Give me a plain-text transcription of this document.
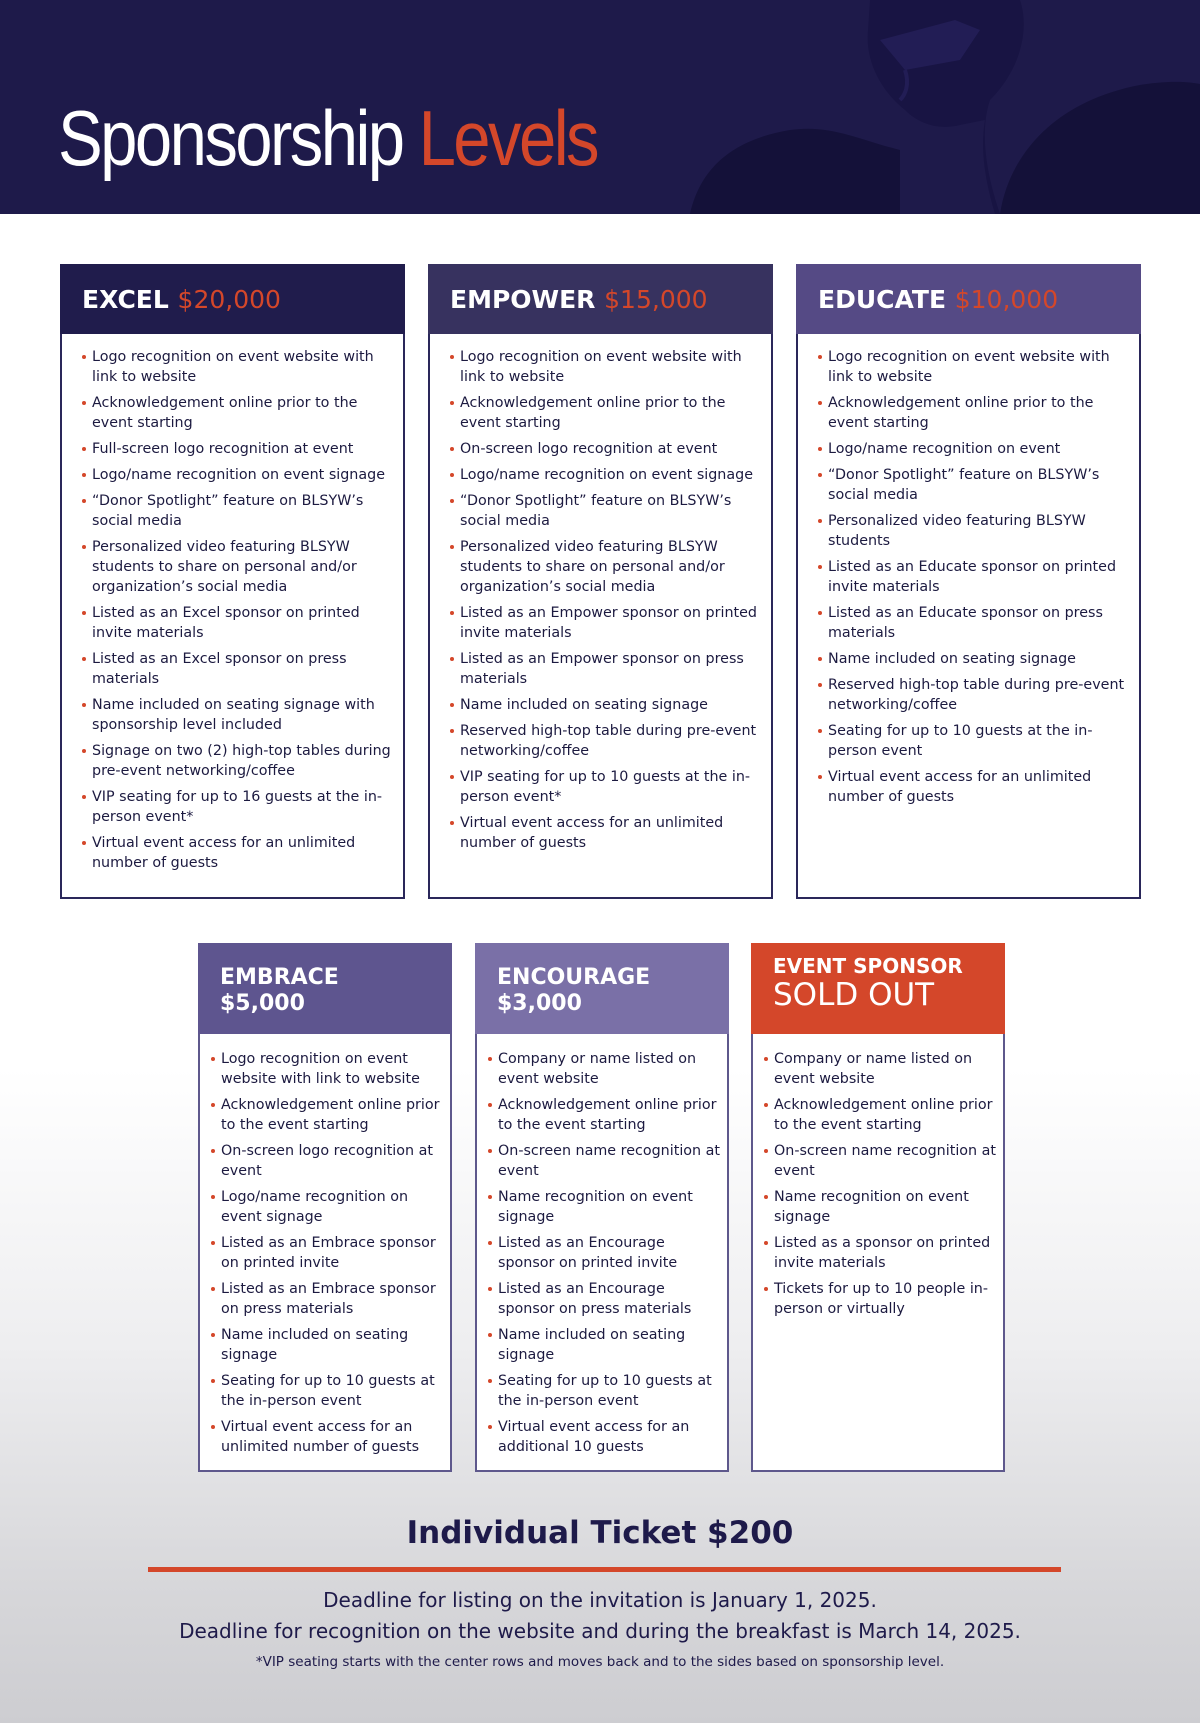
Sponsorship Levels
EXCEL $20,000
Logo recognition on event website with link to website
Acknowledgement online prior to the event starting
Full-screen logo recognition at event
Logo/name recognition on event signage
“Donor Spotlight” feature on BLSYW’s social media
Personalized video featuring BLSYW students to share on personal and/or organization’s social media
Listed as an Excel sponsor on printed invite materials
Listed as an Excel sponsor on press materials
Name included on seating signage with sponsorship level included
Signage on two (2) high-top tables during pre-event networking/coffee
VIP seating for up to 16 guests at the in-person event*
Virtual event access for an unlimited number of guests
EMPOWER $15,000
Logo recognition on event website with link to website
Acknowledgement online prior to the event starting
On-screen logo recognition at event
Logo/name recognition on event signage
“Donor Spotlight” feature on BLSYW’s social media
Personalized video featuring BLSYW students to share on personal and/or organization’s social media
Listed as an Empower sponsor on printed invite materials
Listed as an Empower sponsor on press materials
Name included on seating signage
Reserved high-top table during pre-event networking/coffee
VIP seating for up to 10 guests at the in-person event*
Virtual event access for an unlimited number of guests
EDUCATE $10,000
Logo recognition on event website with link to website
Acknowledgement online prior to the event starting
Logo/name recognition on event
“Donor Spotlight” feature on BLSYW’s social media
Personalized video featuring BLSYW students
Listed as an Educate sponsor on printed invite materials
Listed as an Educate sponsor on press materials
Name included on seating signage
Reserved high-top table during pre-event networking/coffee
Seating for up to 10 guests at the in-person event
Virtual event access for an unlimited number of guests
EMBRACE
$5,000
Logo recognition on event website with link to website
Acknowledgement online prior to the event starting
On-screen logo recognition at event
Logo/name recognition on event signage
Listed as an Embrace sponsor on printed invite
Listed as an Embrace sponsor on press materials
Name included on seating signage
Seating for up to 10 guests at the in-person event
Virtual event access for an unlimited number of guests
ENCOURAGE
$3,000
Company or name listed on event website
Acknowledgement online prior to the event starting
On-screen name recognition at event
Name recognition on event signage
Listed as an Encourage sponsor on printed invite
Listed as an Encourage sponsor on press materials
Name included on seating signage
Seating for up to 10 guests at the in-person event
Virtual event access for an additional 10 guests
EVENT SPONSOR
SOLD OUT
Company or name listed on event website
Acknowledgement online prior to the event starting
On-screen name recognition at event
Name recognition on event signage
Listed as a sponsor on printed invite materials
Tickets for up to 10 people in-person or virtually
Individual Ticket $200
Deadline for listing on the invitation is January 1, 2025.
Deadline for recognition on the website and during the breakfast is March 14, 2025.
*VIP seating starts with the center rows and moves back and to the sides based on sponsorship level.
